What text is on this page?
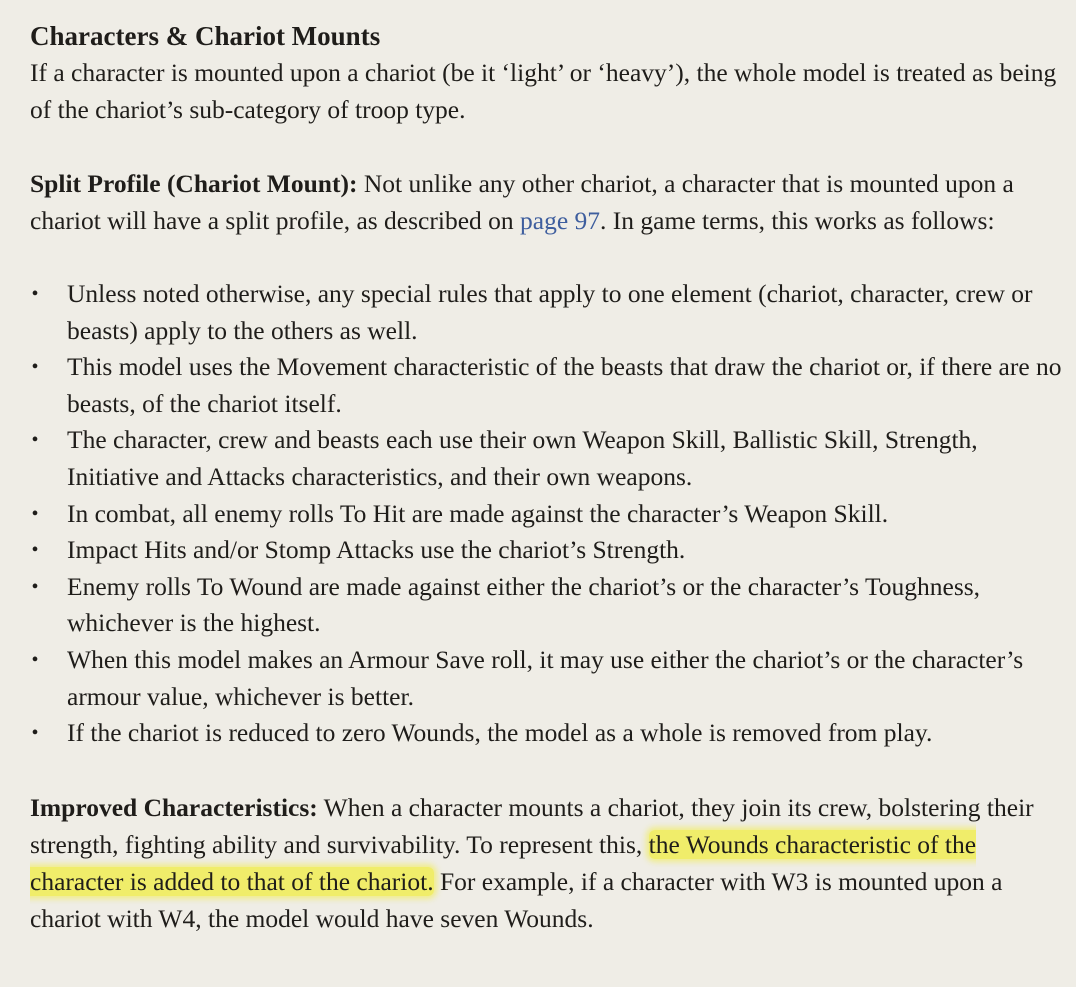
Characters & Chariot Mounts

If a character is mounted upon a chariot (be it ‘light’ or ‘heavy’), the whole model is treated as being of the chariot’s sub-category of troop type.

Split Profile (Chariot Mount): Not unlike any other chariot, a character that is mounted upon a chariot will have a split profile, as described on page 97. In game terms, this works as follows:

• Unless noted otherwise, any special rules that apply to one element (chariot, character, crew or beasts) apply to the others as well.
• This model uses the Movement characteristic of the beasts that draw the chariot or, if there are no beasts, of the chariot itself.
• The character, crew and beasts each use their own Weapon Skill, Ballistic Skill, Strength, Initiative and Attacks characteristics, and their own weapons.
• In combat, all enemy rolls To Hit are made against the character’s Weapon Skill.
• Impact Hits and/or Stomp Attacks use the chariot’s Strength.
• Enemy rolls To Wound are made against either the chariot’s or the character’s Toughness, whichever is the highest.
• When this model makes an Armour Save roll, it may use either the chariot’s or the character’s armour value, whichever is better.
• If the chariot is reduced to zero Wounds, the model as a whole is removed from play.

Improved Characteristics: When a character mounts a chariot, they join its crew, bolstering their strength, fighting ability and survivability. To represent this, the Wounds characteristic of the character is added to that of the chariot. For example, if a character with W3 is mounted upon a chariot with W4, the model would have seven Wounds.
